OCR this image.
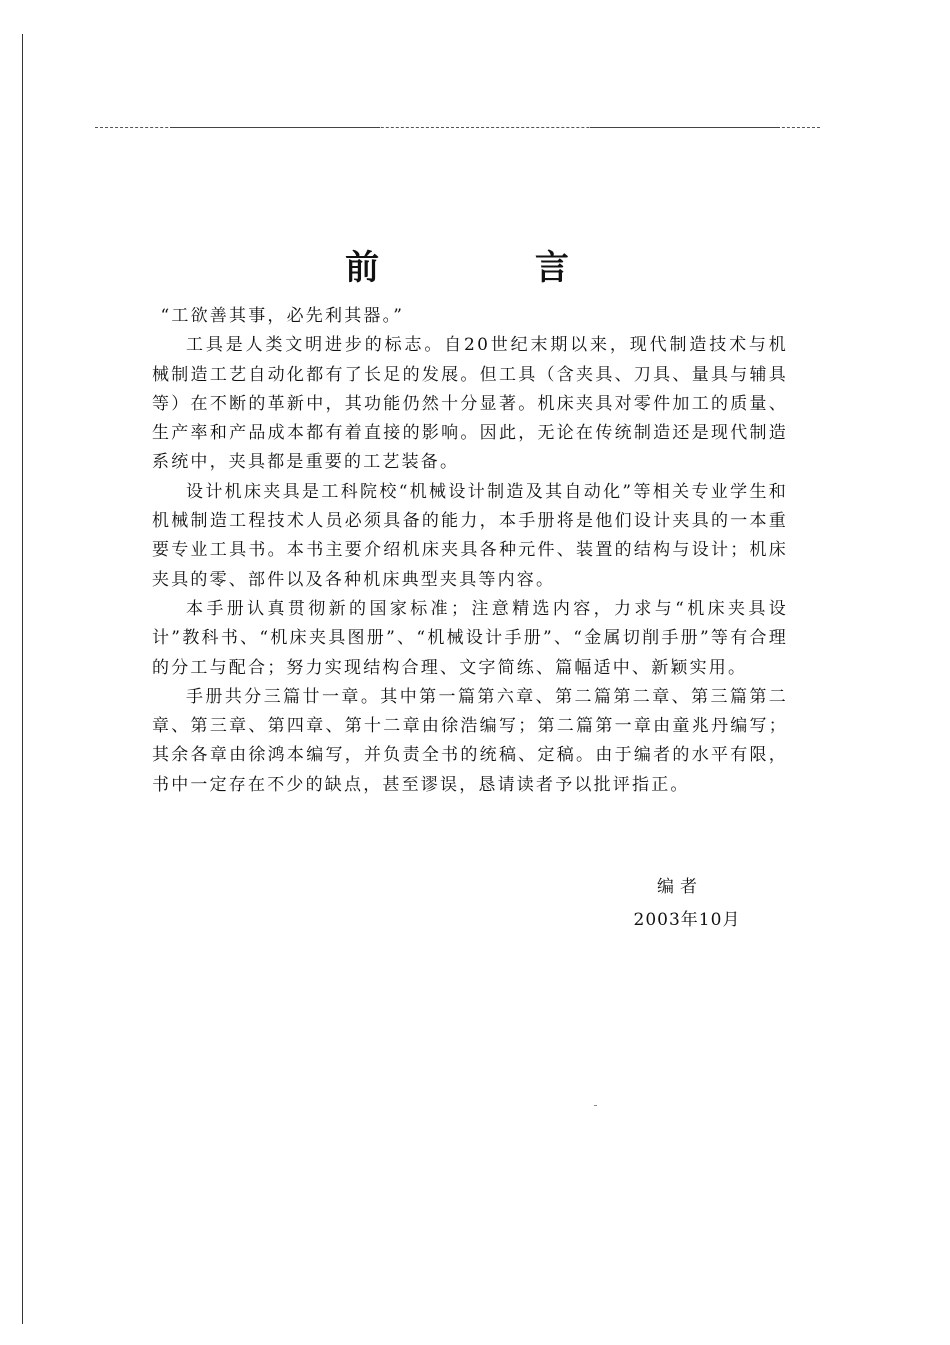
前 言

“工欲善其事，必先利其器。”

工具是人类文明进步的标志。自20世纪末期以来，现代制造技术与机械制造工艺自动化都有了长足的发展。但工具（含夹具、刀具、量具与辅具等）在不断的革新中，其功能仍然十分显著。机床夹具对零件加工的质量、生产率和产品成本都有着直接的影响。因此，无论在传统制造还是现代制造系统中，夹具都是重要的工艺装备。

设计机床夹具是工科院校“机械设计制造及其自动化”等相关专业学生和机械制造工程技术人员必须具备的能力，本手册将是他们设计夹具的一本重要专业工具书。本书主要介绍机床夹具各种元件、装置的结构与设计；机床夹具的零、部件以及各种机床典型夹具等内容。

本手册认真贯彻新的国家标准；注意精选内容，力求与“机床夹具设计”教科书、“机床夹具图册”、“机械设计手册”、“金属切削手册”等有合理的分工与配合；努力实现结构合理、文字简练、篇幅适中、新颖实用。

手册共分三篇廿一章。其中第一篇第六章、第二篇第二章、第三篇第二章、第三章、第四章、第十二章由徐浩编写；第二篇第一章由童兆丹编写；其余各章由徐鸿本编写，并负责全书的统稿、定稿。由于编者的水平有限，书中一定存在不少的缺点，甚至谬误，恳请读者予以批评指正。

编者
2003年10月
